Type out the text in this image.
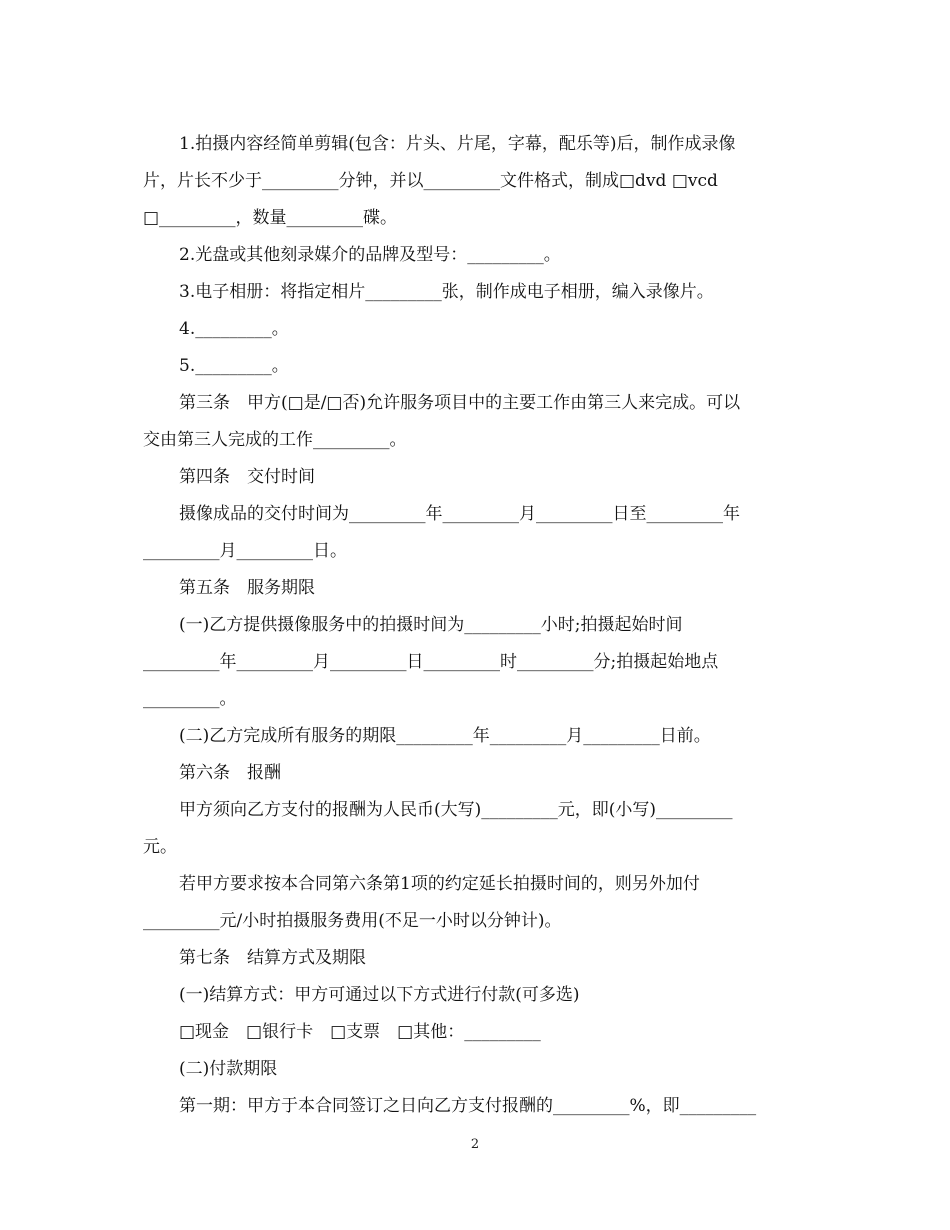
1.拍摄内容经简单剪辑(包含：片头、片尾，字幕，配乐等)后，制作成录像
片，片长不少于_________分钟，并以_________文件格式，制成□dvd □vcd
□_________，数量_________碟。
2.光盘或其他刻录媒介的品牌及型号：_________。
3.电子相册：将指定相片_________张，制作成电子相册，编入录像片。
4._________。
5._________。
第三条　甲方(□是/□否)允许服务项目中的主要工作由第三人来完成。可以
交由第三人完成的工作_________。
第四条　交付时间
摄像成品的交付时间为_________年_________月_________日至_________年
_________月_________日。
第五条　服务期限
(一)乙方提供摄像服务中的拍摄时间为_________小时;拍摄起始时间
_________年_________月_________日_________时_________分;拍摄起始地点
_________。
(二)乙方完成所有服务的期限_________年_________月_________日前。
第六条　报酬
甲方须向乙方支付的报酬为人民币(大写)_________元，即(小写)_________
元。
若甲方要求按本合同第六条第1项的约定延长拍摄时间的，则另外加付
_________元/小时拍摄服务费用(不足一小时以分钟计)。
第七条　结算方式及期限
(一)结算方式：甲方可通过以下方式进行付款(可多选)
□现金　□银行卡　□支票　□其他：_________
(二)付款期限
第一期：甲方于本合同签订之日向乙方支付报酬的_________%，即_________
2
